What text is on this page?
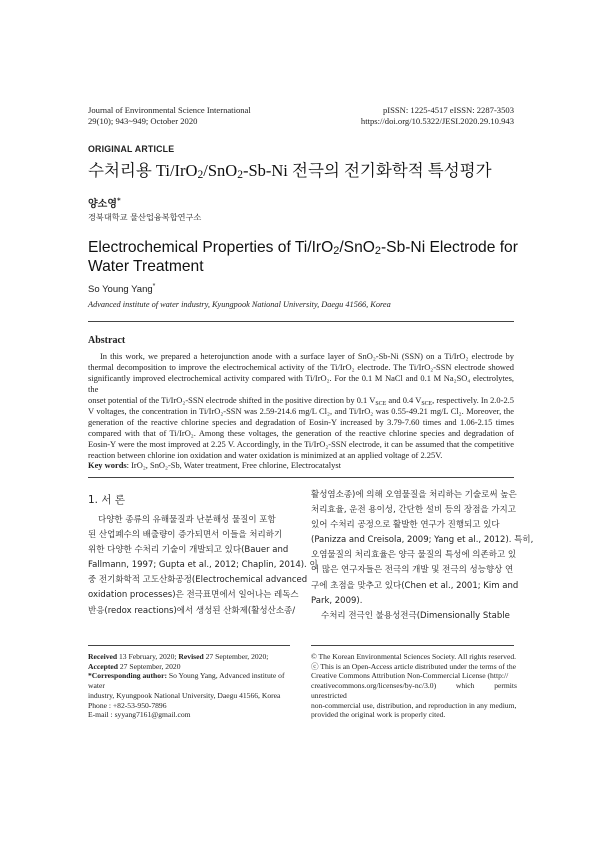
Journal of Environmental Science International
29(10); 943~949; October 2020
pISSN: 1225-4517 eISSN: 2287-3503
https://doi.org/10.5322/JESI.2020.29.10.943
ORIGINAL ARTICLE
수처리용 Ti/IrO$_2$/SnO$_2$-Sb-Ni 전극의 전기화학적 특성평가
양소영*
경북대학교 물산업융복합연구소
Electrochemical Properties of Ti/IrO$_2$/SnO$_2$-Sb-Ni Electrode for
Water Treatment
So Young Yang*
Advanced institute of water industry, Kyungpook National University, Daegu 41566, Korea
Abstract
In this work, we prepared a heterojunction anode with a surface layer of SnO₂-Sb-Ni (SSN) on a Ti/IrO₂ electrode by
thermal decomposition to improve the electrochemical activity of the Ti/IrO₂ electrode. The Ti/IrO₂-SSN electrode showed
significantly improved electrochemical activity compared with Ti/IrO₂. For the 0.1 M NaCl and 0.1 M Na₂SO₄ electrolytes, the
onset potential of the Ti/IrO₂-SSN electrode shifted in the positive direction by 0.1 $V_{SCE}$ and 0.4 $V_{SCE}$, respectively. In 2.0-2.5
V voltages, the concentration in Ti/IrO₂-SSN was 2.59-214.6 mg/L Cl₂, and Ti/IrO₂ was 0.55-49.21 mg/L Cl₂. Moreover, the
generation of the reactive chlorine species and degradation of Eosin-Y increased by 3.79-7.60 times and 1.06-2.15 times
compared with that of Ti/IrO₂. Among these voltages, the generation of the reactive chlorine species and degradation of
Eosin-Y were the most improved at 2.25 V. Accordingly, in the Ti/IrO₂-SSN electrode, it can be assumed that the competitive
reaction between chlorine ion oxidation and water oxidation is minimized at an applied voltage of 2.25V.
Key words: IrO₂, SnO₂-Sb, Water treatment, Free chlorine, Electrocatalyst
1. 서 론
다양한 종류의 유해물질과 난분해성 물질이 포함
된 산업폐수의 배출량이 증가되면서 이들을 처리하기
위한 다양한 수처리 기술이 개발되고 있다(Bauer and
Fallmann, 1997; Gupta et al., 2012; Chaplin, 2014). 이
중 전기화학적 고도산화공정(Electrochemical advanced
oxidation processes)은 전극표면에서 일어나는 레독스
반응(redox reactions)에서 생성된 산화제(활성산소종/
활성염소종)에 의해 오염물질을 처리하는 기술로써 높은
처리효율, 운전 용이성, 간단한 설비 등의 장점을 가지고
있어 수처리 공정으로 활발한 연구가 진행되고 있다
(Panizza and Creisola, 2009; Yang et al., 2012). 특히,
오염물질의 처리효율은 양극 물질의 특성에 의존하고 있
어 많은 연구자들은 전극의 개발 및 전극의 성능향상 연
구에 초점을 맞추고 있다(Chen et al., 2001; Kim and
Park, 2009).
수처리 전극인 불용성전극(Dimensionally Stable
Received 13 February, 2020; Revised 27 September, 2020;
Accepted 27 September, 2020
*Corresponding author: So Young Yang, Advanced institute of water
industry, Kyungpook National University, Daegu 41566, Korea
Phone : +82-53-950-7896
E-mail : syyang7161@gmail.com
© The Korean Environmental Sciences Society. All rights reserved.
ⓒ This is an Open-Access article distributed under the terms of the
Creative Commons Attribution Non-Commercial License (http://
creativecommons.org/licenses/by-nc/3.0) which permits unrestricted
non-commercial use, distribution, and reproduction in any medium,
provided the original work is properly cited.
